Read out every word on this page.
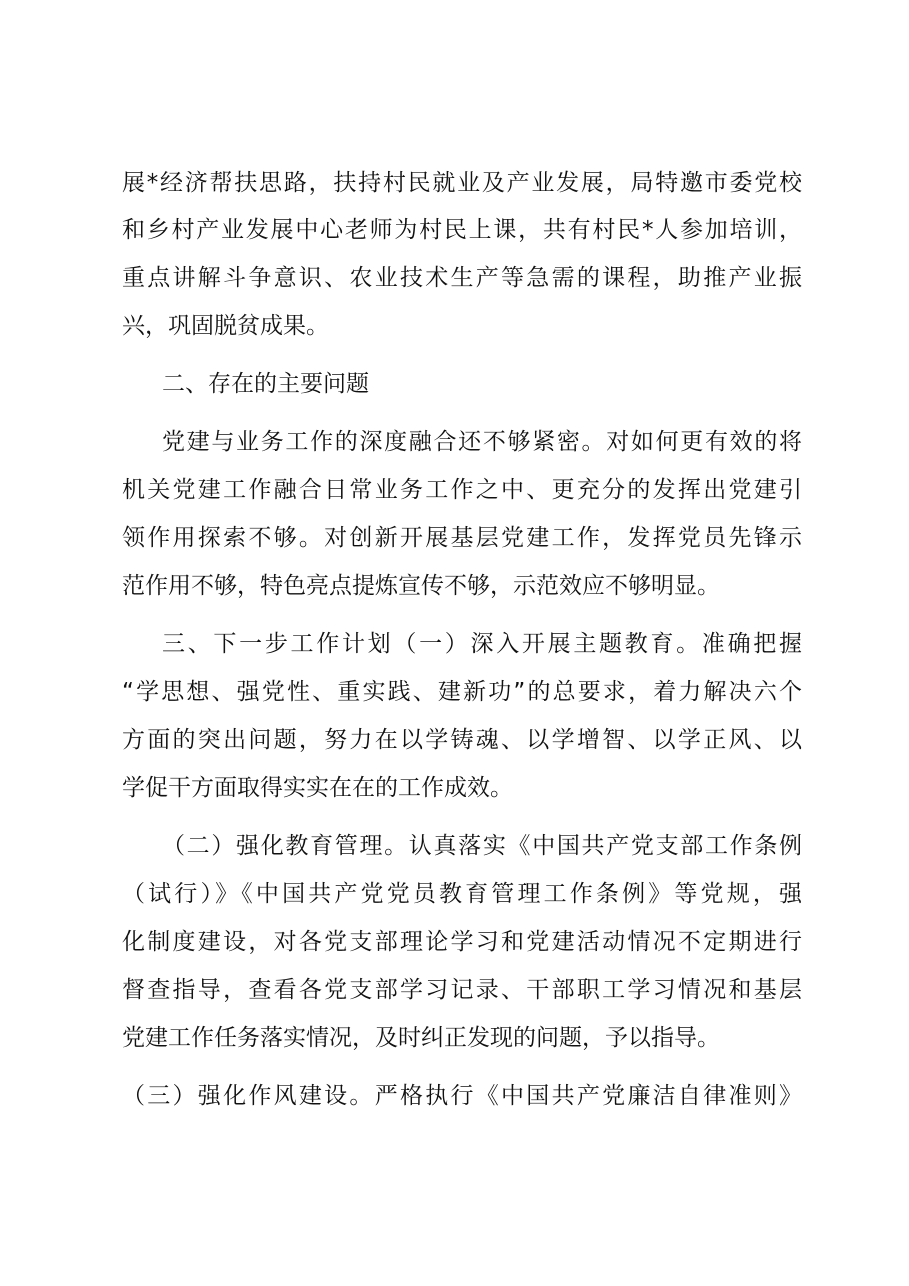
展*经济帮扶思路，扶持村民就业及产业发展，局特邀市委党校
和乡村产业发展中心老师为村民上课，共有村民*人参加培训，
重点讲解斗争意识、农业技术生产等急需的课程，助推产业振
兴，巩固脱贫成果。
二、存在的主要问题
党建与业务工作的深度融合还不够紧密。对如何更有效的将
机关党建工作融合日常业务工作之中、更充分的发挥出党建引
领作用探索不够。对创新开展基层党建工作，发挥党员先锋示
范作用不够，特色亮点提炼宣传不够，示范效应不够明显。
三、下一步工作计划（一）深入开展主题教育。准确把握
“学思想、强党性、重实践、建新功”的总要求，着力解决六个
方面的突出问题，努力在以学铸魂、以学增智、以学正风、以
学促干方面取得实实在在的工作成效。
（二）强化教育管理。认真落实《中国共产党支部工作条例
（试行）》《中国共产党党员教育管理工作条例》等党规，强
化制度建设，对各党支部理论学习和党建活动情况不定期进行
督查指导，查看各党支部学习记录、干部职工学习情况和基层
党建工作任务落实情况，及时纠正发现的问题，予以指导。
（三）强化作风建设。严格执行《中国共产党廉洁自律准则》
